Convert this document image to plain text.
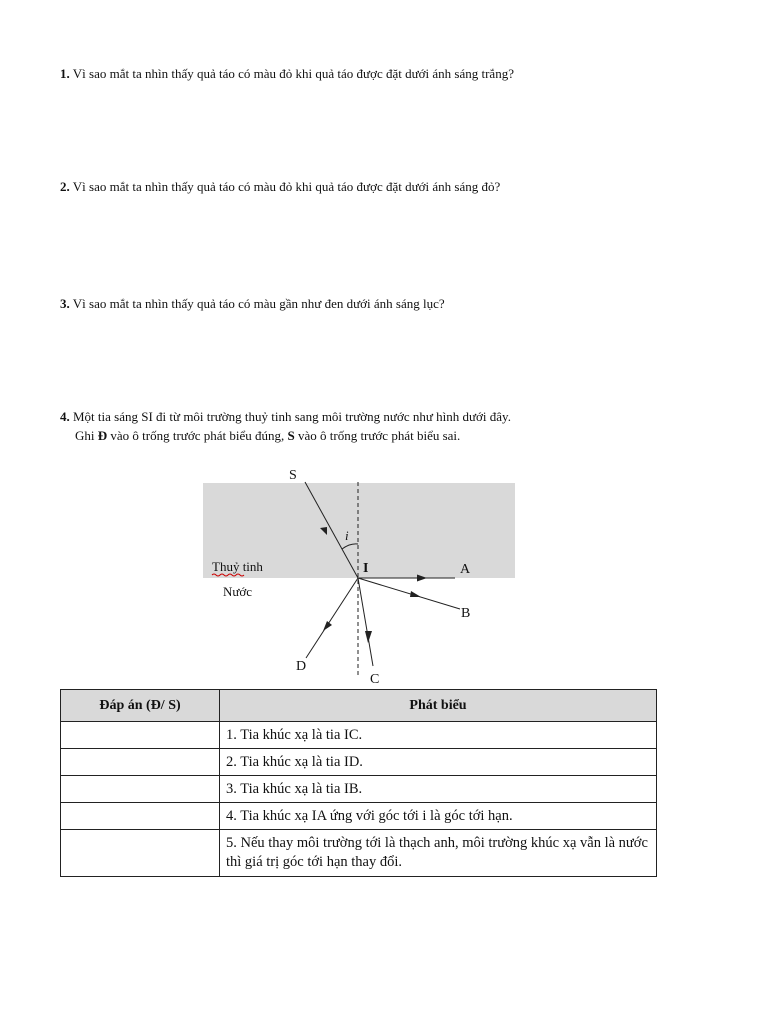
1. Vì sao mắt ta nhìn thấy quả táo có màu đỏ khi quả táo được đặt dưới ánh sáng trắng?
2. Vì sao mắt ta nhìn thấy quả táo có màu đỏ khi quả táo được đặt dưới ánh sáng đỏ?
3. Vì sao mắt ta nhìn thấy quả táo có màu gần như đen dưới ánh sáng lục?
4. Một tia sáng SI đi từ môi trường thuỷ tinh sang môi trường nước như hình dưới đây.
Ghi Đ vào ô trống trước phát biểu đúng, S vào ô trống trước phát biểu sai.
S
i
Thuỷ tinh	I	A
Nước
B
D
C
Đáp án (Đ/ S)	Phát biểu
	1. Tia khúc xạ là tia IC.
	2. Tia khúc xạ là tia ID.
	3. Tia khúc xạ là tia IB.
	4. Tia khúc xạ IA ứng với góc tới i là góc tới hạn.
	5. Nếu thay môi trường tới là thạch anh, môi trường khúc xạ vẫn là nước thì giá trị góc tới hạn thay đổi.
